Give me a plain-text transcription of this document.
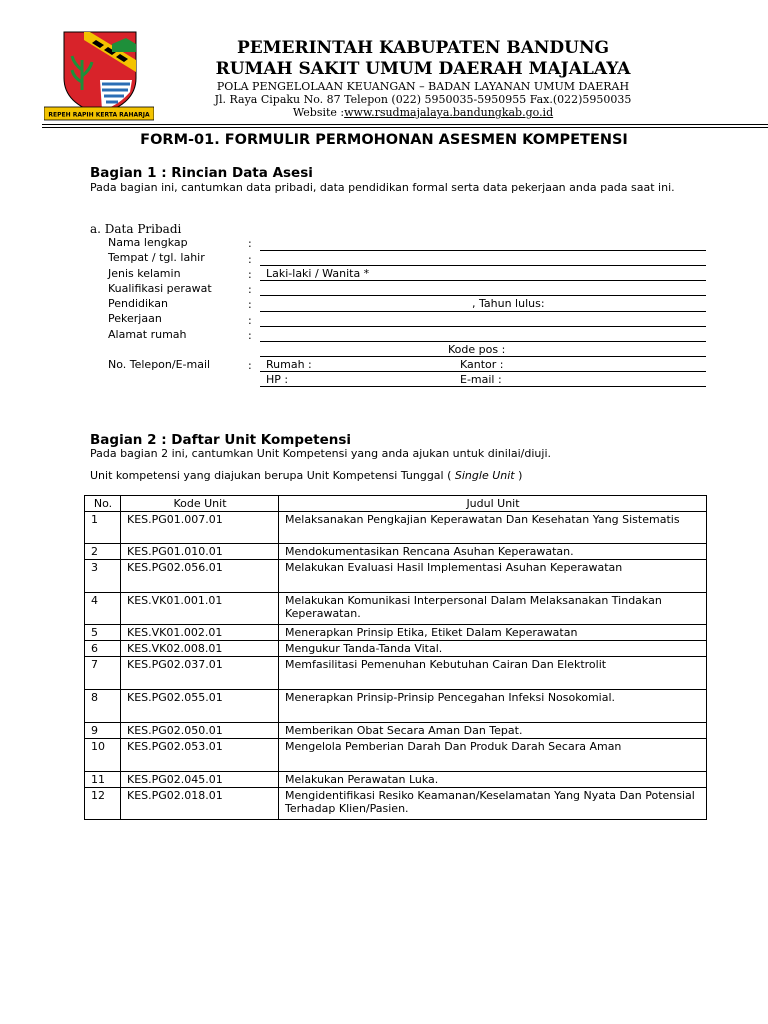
REPEH RAPIH KERTA RAHARJA
PEMERINTAH KABUPATEN BANDUNG
RUMAH SAKIT UMUM DAERAH MAJALAYA
POLA PENGELOLAAN KEUANGAN – BADAN LAYANAN UMUM DAERAH
Jl. Raya Cipaku No. 87 Telepon (022) 5950035-5950955 Fax.(022)5950035
Website :www.rsudmajalaya.bandungkab.go.id
FORM-01. FORMULIR PERMOHONAN ASESMEN KOMPETENSI
Bagian 1 : Rincian Data Asesi
Pada bagian ini, cantumkan data pribadi, data pendidikan formal serta data pekerjaan anda pada saat ini.
a. Data Pribadi
Nama lengkap	:
Tempat / tgl. lahir	:
Jenis kelamin	: Laki-laki / Wanita *
Kualifikasi perawat	:
Pendidikan	:	, Tahun lulus:
Pekerjaan	:
Alamat rumah	:
Kode pos :
No. Telepon/E-mail	: Rumah :	Kantor :
HP :	E-mail :
Bagian 2 : Daftar Unit Kompetensi
Pada bagian 2 ini, cantumkan Unit Kompetensi yang anda ajukan untuk dinilai/diuji.
Unit kompetensi yang diajukan berupa Unit Kompetensi Tunggal ( Single Unit )
No.	Kode Unit	Judul Unit
1	KES.PG01.007.01	Melaksanakan Pengkajian Keperawatan Dan Kesehatan Yang Sistematis
2	KES.PG01.010.01	Mendokumentasikan Rencana Asuhan Keperawatan.
3	KES.PG02.056.01	Melakukan Evaluasi Hasil Implementasi Asuhan Keperawatan
4	KES.VK01.001.01	Melakukan Komunikasi Interpersonal Dalam Melaksanakan Tindakan Keperawatan.
5	KES.VK01.002.01	Menerapkan Prinsip Etika, Etiket Dalam Keperawatan
6	KES.VK02.008.01	Mengukur Tanda-Tanda Vital.
7	KES.PG02.037.01	Memfasilitasi Pemenuhan Kebutuhan Cairan Dan Elektrolit
8	KES.PG02.055.01	Menerapkan Prinsip-Prinsip Pencegahan Infeksi Nosokomial.
9	KES.PG02.050.01	Memberikan Obat Secara Aman Dan Tepat.
10	KES.PG02.053.01	Mengelola Pemberian Darah Dan Produk Darah Secara Aman
11	KES.PG02.045.01	Melakukan Perawatan Luka.
12	KES.PG02.018.01	Mengidentifikasi Resiko Keamanan/Keselamatan Yang Nyata Dan Potensial Terhadap Klien/Pasien.
